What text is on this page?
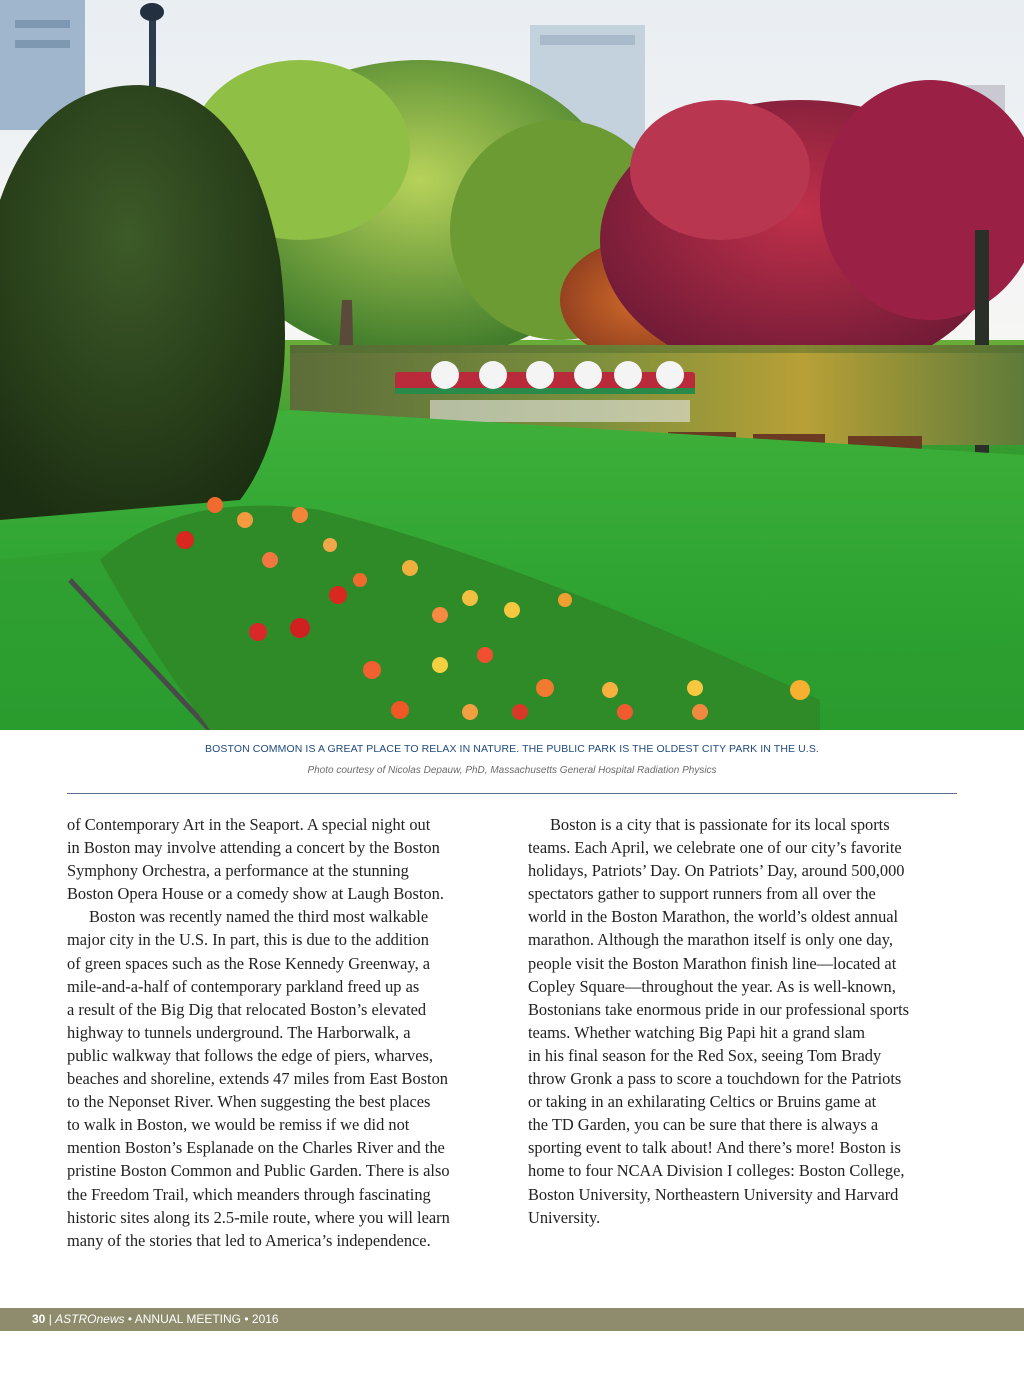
BOSTON COMMON IS A GREAT PLACE TO RELAX IN NATURE. THE PUBLIC PARK IS THE OLDEST CITY PARK IN THE U.S.
Photo courtesy of Nicolas Depauw, PhD, Massachusetts General Hospital Radiation Physics

of Contemporary Art in the Seaport. A special night out

in Boston may involve attending a concert by the Boston

Symphony Orchestra, a performance at the stunning

Boston Opera House or a comedy show at Laugh Boston.

Boston was recently named the third most walkable

major city in the U.S. In part, this is due to the addition

of green spaces such as the Rose Kennedy Greenway, a

mile-and-a-half of contemporary parkland freed up as

a result of the Big Dig that relocated Boston’s elevated

highway to tunnels underground. The Harborwalk, a

public walkway that follows the edge of piers, wharves,

beaches and shoreline, extends 47 miles from East Boston

to the Neponset River. When suggesting the best places

to walk in Boston, we would be remiss if we did not

mention Boston’s Esplanade on the Charles River and the

pristine Boston Common and Public Garden. There is also

the Freedom Trail, which meanders through fascinating

historic sites along its 2.5-mile route, where you will learn

many of the stories that led to America’s independence.

Boston is a city that is passionate for its local sports

teams. Each April, we celebrate one of our city’s favorite

holidays, Patriots’ Day. On Patriots’ Day, around 500,000

spectators gather to support runners from all over the

world in the Boston Marathon, the world’s oldest annual

marathon. Although the marathon itself is only one day,

people visit the Boston Marathon finish line—located at

Copley Square—throughout the year. As is well-known,

Bostonians take enormous pride in our professional sports

teams. Whether watching Big Papi hit a grand slam

in his final season for the Red Sox, seeing Tom Brady

throw Gronk a pass to score a touchdown for the Patriots

or taking in an exhilarating Celtics or Bruins game at

the TD Garden, you can be sure that there is always a

sporting event to talk about! And there’s more! Boston is

home to four NCAA Division I colleges: Boston College,

Boston University, Northeastern University and Harvard

University.

30 | ASTROnews • ANNUAL MEETING • 2016
